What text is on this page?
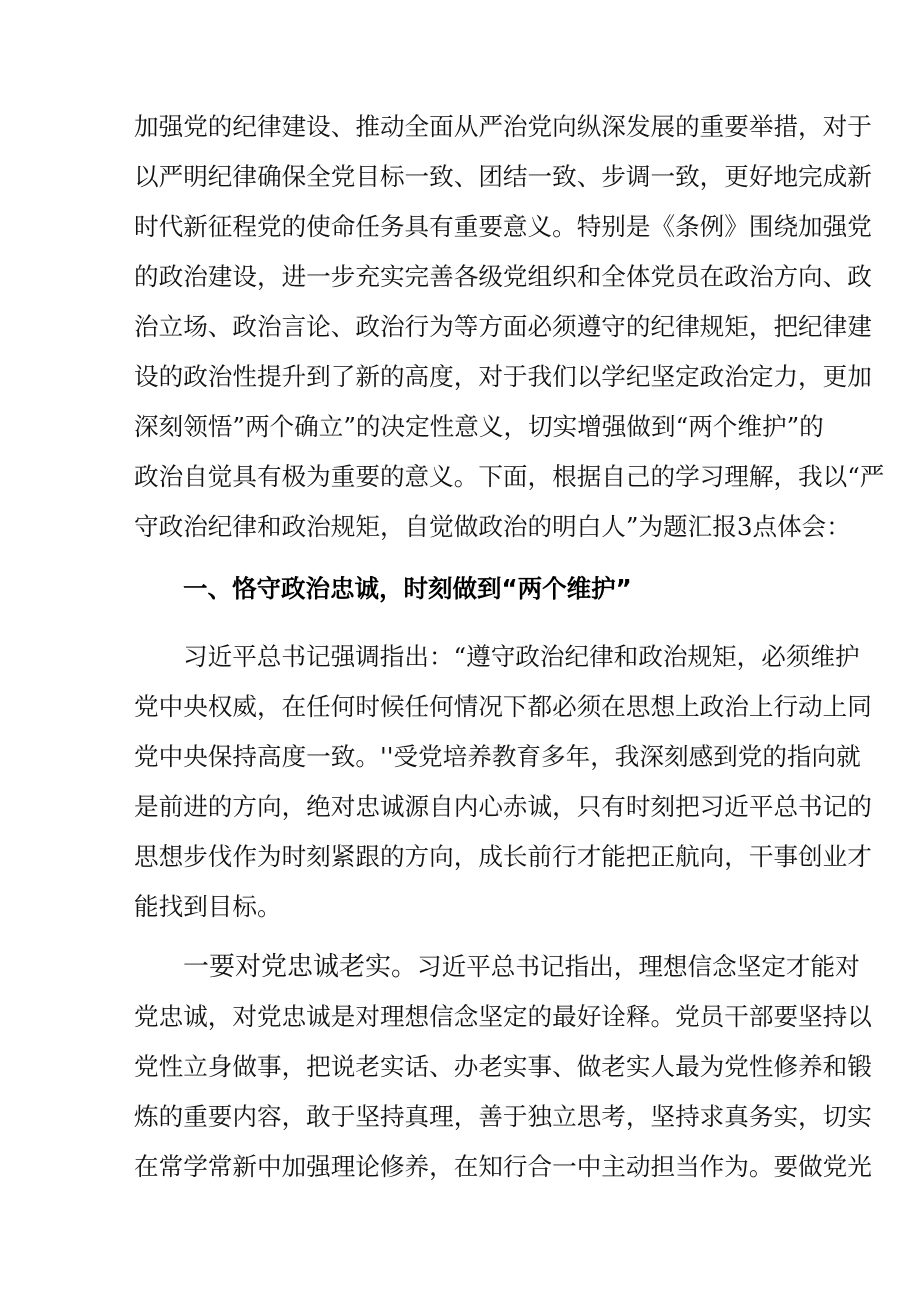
加强党的纪律建设、推动全面从严治党向纵深发展的重要举措，对于
以严明纪律确保全党目标一致、团结一致、步调一致，更好地完成新
时代新征程党的使命任务具有重要意义。特别是《条例》围绕加强党
的政治建设，进一步充实完善各级党组织和全体党员在政治方向、政
治立场、政治言论、政治行为等方面必须遵守的纪律规矩，把纪律建
设的政治性提升到了新的高度，对于我们以学纪坚定政治定力，更加
深刻领悟”两个确立”的决定性意义，切实增强做到“两个维护”的
政治自觉具有极为重要的意义。下面，根据自己的学习理解，我以“严
守政治纪律和政治规矩，自觉做政治的明白人”为题汇报3点体会：
一、恪守政治忠诚，时刻做到“两个维护”
习近平总书记强调指出：“遵守政治纪律和政治规矩，必须维护
党中央权威，在任何时候任何情况下都必须在思想上政治上行动上同
党中央保持高度一致。''受党培养教育多年，我深刻感到党的指向就
是前进的方向，绝对忠诚源自内心赤诚，只有时刻把习近平总书记的
思想步伐作为时刻紧跟的方向，成长前行才能把正航向，干事创业才
能找到目标。
一要对党忠诚老实。习近平总书记指出，理想信念坚定才能对
党忠诚，对党忠诚是对理想信念坚定的最好诠释。党员干部要坚持以
党性立身做事，把说老实话、办老实事、做老实人最为党性修养和锻
炼的重要内容，敢于坚持真理，善于独立思考，坚持求真务实，切实
在常学常新中加强理论修养，在知行合一中主动担当作为。要做党光
